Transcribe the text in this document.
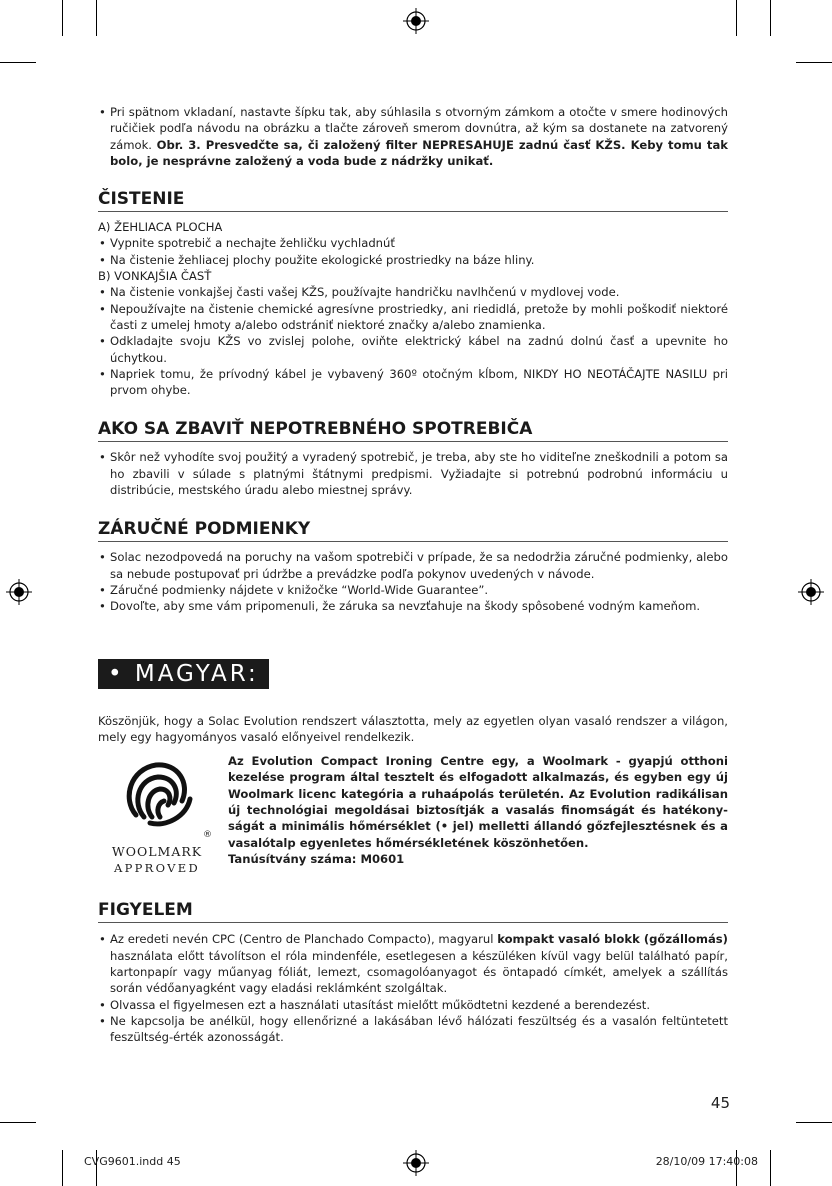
• Pri spätnom vkladaní, nastavte šípku tak, aby súhlasila s otvorným zámkom a otočte v smere hodinových ručičiek podľa návodu na obrázku a tlačte zároveň smerom dovnútra, až kým sa dostanete na zatvorený zámok. Obr. 3. Presvedčte sa, či založený filter NEPRESAHUJE zadnú časť KŽS. Keby tomu tak bolo, je nesprávne založený a voda bude z nádržky unikať.

ČISTENIE

A) ŽEHLIACA PLOCHA

• Vypnite spotrebič a nechajte žehličku vychladnúť

• Na čistenie žehliacej plochy použite ekologické prostriedky na báze hliny.

B) VONKAJŠIA ČASŤ

• Na čistenie vonkajšej časti vašej KŽS, používajte handričku navlhčenú v mydlovej vode.

• Nepoužívajte na čistenie chemické agresívne prostriedky, ani riedidlá, pretože by mohli poškodiť niektoré časti z umelej hmoty a/alebo odstrániť niektoré značky a/alebo znamienka.

• Odkladajte svoju KŽS vo zvislej polohe, oviňte elektrický kábel na zadnú dolnú časť a upevnite ho úchytkou.

• Napriek tomu, že prívodný kábel je vybavený 360º otočným kĺbom, NIKDY HO NEOTÁČAJTE NASILU pri prvom ohybe.

AKO SA ZBAVIŤ NEPOTREBNÉHO SPOTREBIČA

• Skôr než vyhodíte svoj použitý a vyradený spotrebič, je treba, aby ste ho viditeľne zneškodnili a potom sa ho zbavili v súlade s platnými štátnymi predpismi. Vyžiadajte si potrebnú podrobnú informáciu u distribúcie, mestského úradu alebo miestnej správy.

ZÁRUČNÉ PODMIENKY

• Solac nezodpovedá na poruchy na vašom spotrebiči v prípade, že sa nedodržia záručné podmienky, alebo sa nebude postupovať pri údržbe a prevádzke podľa pokynov uvedených v návode.

• Záručné podmienky nájdete v knižočke “World-Wide Guarantee”.

• Dovoľte, aby sme vám pripomenuli, že záruka sa nevzťahuje na škody spôsobené vodným kameňom.

• MAGYAR:

Köszönjük, hogy a Solac Evolution rendszert választotta, mely az egyetlen olyan vasaló rendszer a világon, mely egy hagyományos vasaló előnyeivel rendelkezik.

®
WOOLMARK
APPROVED

Az Evolution Compact Ironing Centre egy, a Woolmark - gyapjú otthoni kezelése program által tesztelt és elfogadott alkalmazás, és egyben egy új Woolmark licenc kategória a ruhaápolás területén. Az Evolution radikálisan új technológiai megoldásai biztosítják a vasalás finomságát és hatékony-ságát a minimális hőmérséklet (• jel) melletti állandó gőzfejlesztésnek és a vasalótalp egyenletes hőmérsékletének köszönhetően.

Tanúsítvány száma: M0601

FIGYELEM

• Az eredeti nevén CPC (Centro de Planchado Compacto), magyarul kompakt vasaló blokk (gőzállomás) használata előtt távolítson el róla mindenféle, esetlegesen a készüléken kívül vagy belül található papír, kartonpapír vagy műanyag fóliát, lemezt, csomagolóanyagot és öntapadó címkét, amelyek a szállítás során védőanyagként vagy eladási reklámként szolgáltak.

• Olvassa el figyelmesen ezt a használati utasítást mielőtt működtetni kezdené a berendezést.

• Ne kapcsolja be anélkül, hogy ellenőrizné a lakásában lévő hálózati feszültség és a vasalón feltüntetett feszültség-érték azonosságát.

45
CVG9601.indd 45	28/10/09 17:40:08
